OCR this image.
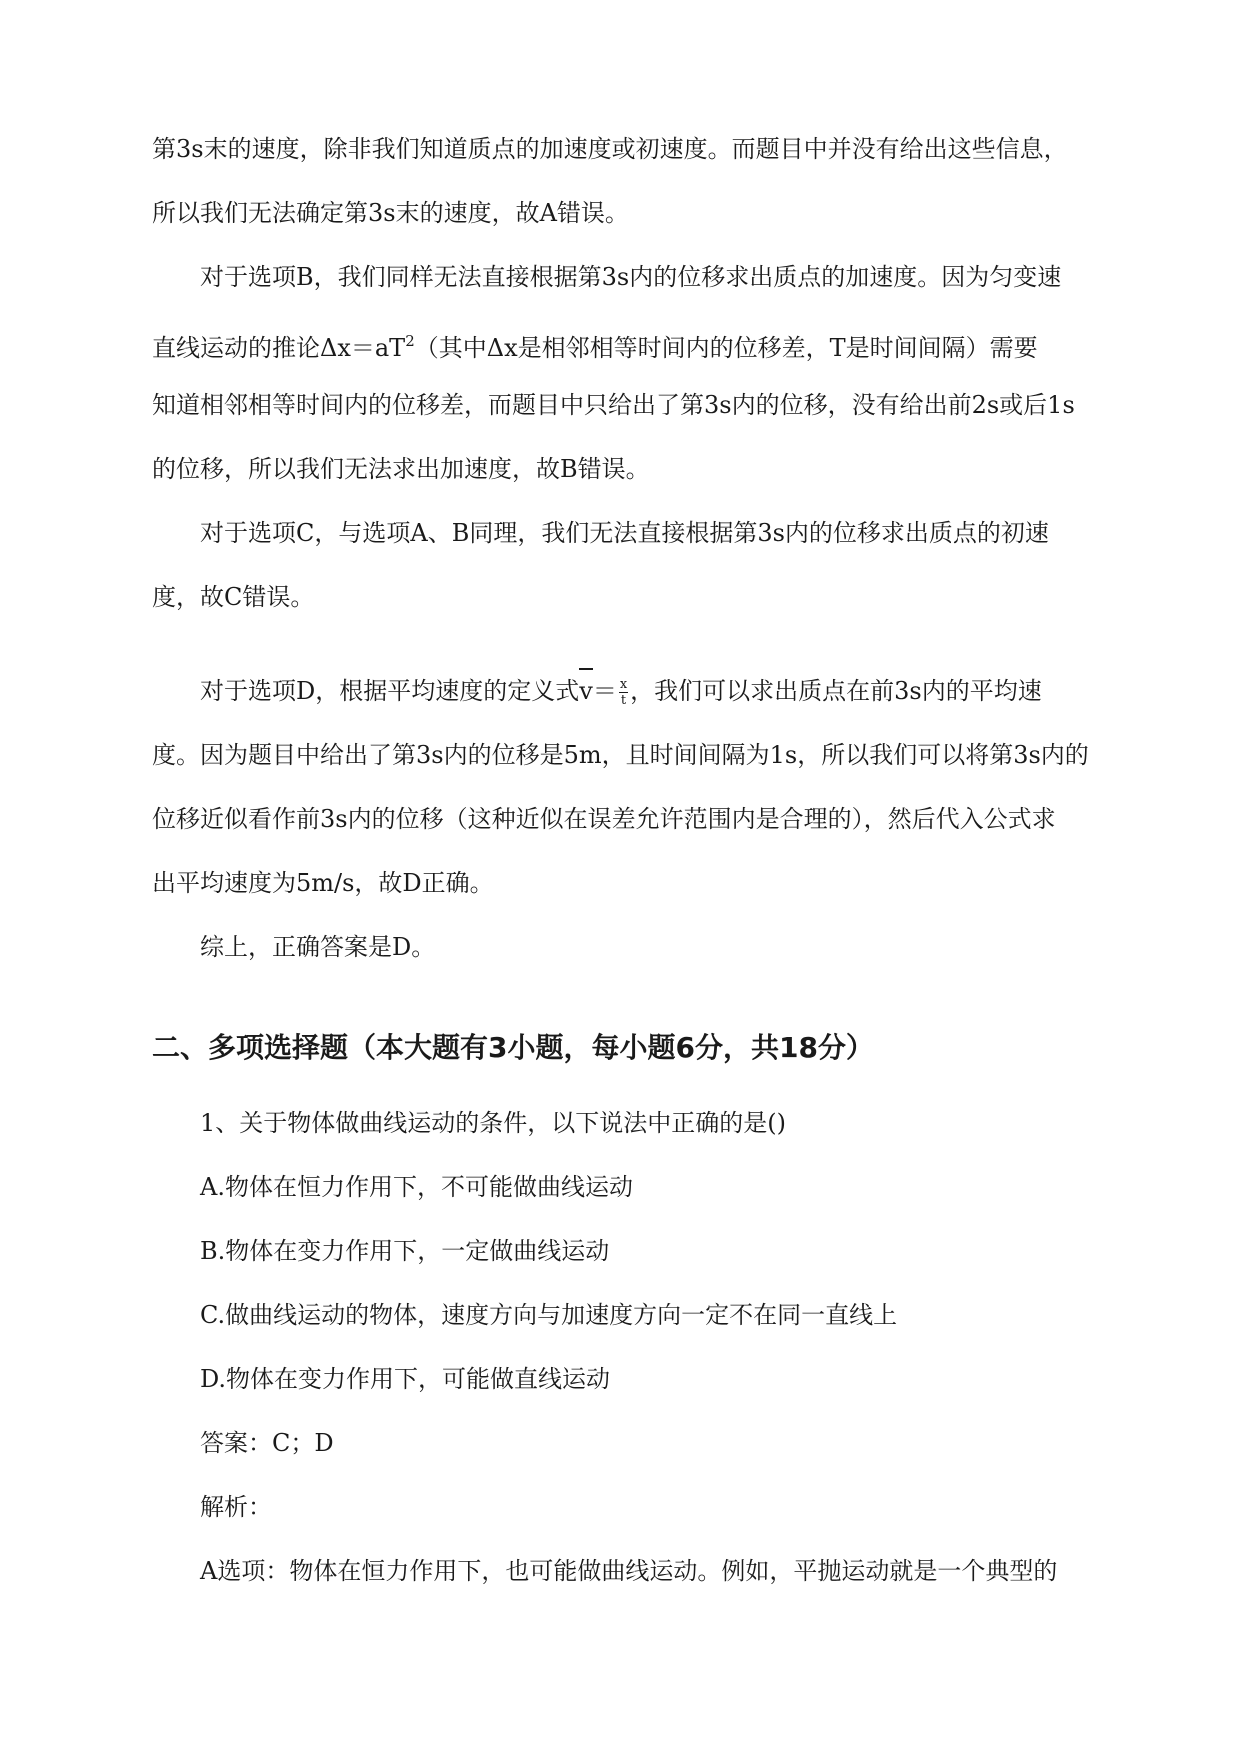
第3s末的速度，除非我们知道质点的加速度或初速度。而题目中并没有给出这些信息，
所以我们无法确定第3s末的速度，故A错误。
对于选项B，我们同样无法直接根据第3s内的位移求出质点的加速度。因为匀变速
直线运动的推论$\Delta x=aT^2$（其中Δx是相邻相等时间内的位移差，T是时间间隔）需要
知道相邻相等时间内的位移差，而题目中只给出了第3s内的位移，没有给出前2s或后1s
的位移，所以我们无法求出加速度，故B错误。
对于选项C，与选项A、B同理，我们无法直接根据第3s内的位移求出质点的初速
度，故C错误。
对于选项D，根据平均速度的定义式$v= \frac{x}{t}$ ，我们可以求出质点在前3s内的平均速
度。因为题目中给出了第3s内的位移是5m，且时间间隔为1s，所以我们可以将第3s内的
位移近似看作前3s内的位移（这种近似在误差允许范围内是合理的），然后代入公式求
出平均速度为5m/s，故D正确。
综上，正确答案是D。
二、多项选择题（本大题有3小题，每小题6分，共18分）
1、关于物体做曲线运动的条件，以下说法中正确的是()
A.物体在恒力作用下，不可能做曲线运动
B.物体在变力作用下，一定做曲线运动
C.做曲线运动的物体，速度方向与加速度方向一定不在同一直线上
D.物体在变力作用下，可能做直线运动
答案：C；D
解析：
A选项：物体在恒力作用下，也可能做曲线运动。例如，平抛运动就是一个典型的
